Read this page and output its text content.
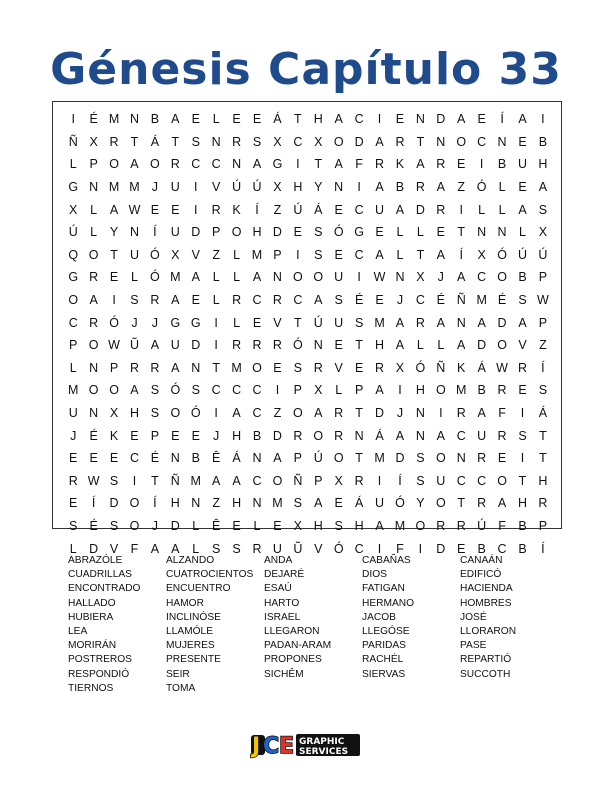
Génesis Capítulo 33
I	É M N B A E	L	E E Á T H A C	I	E N D A E	Í	A	I
Ñ X R T Á T S N R S X C X O D A R T N O C N E B
L	P O A O R C C N A G	I	T A F R K A R E	I	B U H
G N M M J	U	I	V Ú Ú X H Y N	I	A B R A Z Ó L	E A
X	L	A W E E	I	R K	Í	Z Ú Á E C U A D R	I	L	L	A S
Ú L	Y N	Í	U D P O H D E S Ó G E	L	L	E T N N L	X
Q O T U Ó X V Z	L M P	I	S E C A	L	T A	Í	X Ó Ú Ú
G R E	L Ó M A	L	L	A N O O U	I	W N X	J	A C O B P
O A	I	S R A E	L R C R C A S É E	J	C É Ñ M É S W
C R Ó J	J G G	I	L	E V T Ú U S M A R A N A D A P
P O W Ũ A U D	I	R R R Ó N E T H A	L	L	A D O V Z
L N P R R A N T M O E S R V E R X Ó Ñ K Á W R	Í
M O O A S Ó S C C C	I	P X	L	P A	I	H O M B R E S
U N X H S O Ó	I	A C Z O A R T D	J	N	I	R A F	I	Á
J	É K E P E E	J	H B D R O R N Á A N A C U R S T
E E E C É N B Ê Á N A P Ú O T M D S O N R E	I	T
R W S	I	T Ñ M A A C O Ñ P X R	I	Í	S U C C O T H
E	Í	D O	Í	H N Z H N M S A E Á U Ó Y O T R A H R
S É S O J	D L	Ê E	L	E X H S H A M O R R Ú F B P
L D V F A A	L	S S R U Ũ V Ó C	I	F	I	D E B C B	Í
ABRAZÓLE	ALZANDO	ANDA	CABAÑAS	CANAÁN
CUADRILLAS	CUATROCIENTOS	DEJARÉ	DIOS	EDIFICÓ
ENCONTRADO	ENCUENTRO	ESAÚ	FATIGAN	HACIENDA
HALLADO	HAMOR	HARTO	HERMANO	HOMBRES
HUBIERA	INCLINÓSE	ISRAEL	JACOB	JOSÉ
LEA	LLAMÓLE	LLEGARON	LLEGÓSE	LLORARON
MORIRÁN	MUJERES	PADAN-ARAM	PARIDAS	PASE
POSTREROS	PRESENTE	PROPONES	RACHÉL	REPARTIÓ
RESPONDIÓ	SEIR	SICHÊM	SIERVAS	SUCCOTH
TIERNOS	TOMA
J C E GRAPHIC
SERVICES
